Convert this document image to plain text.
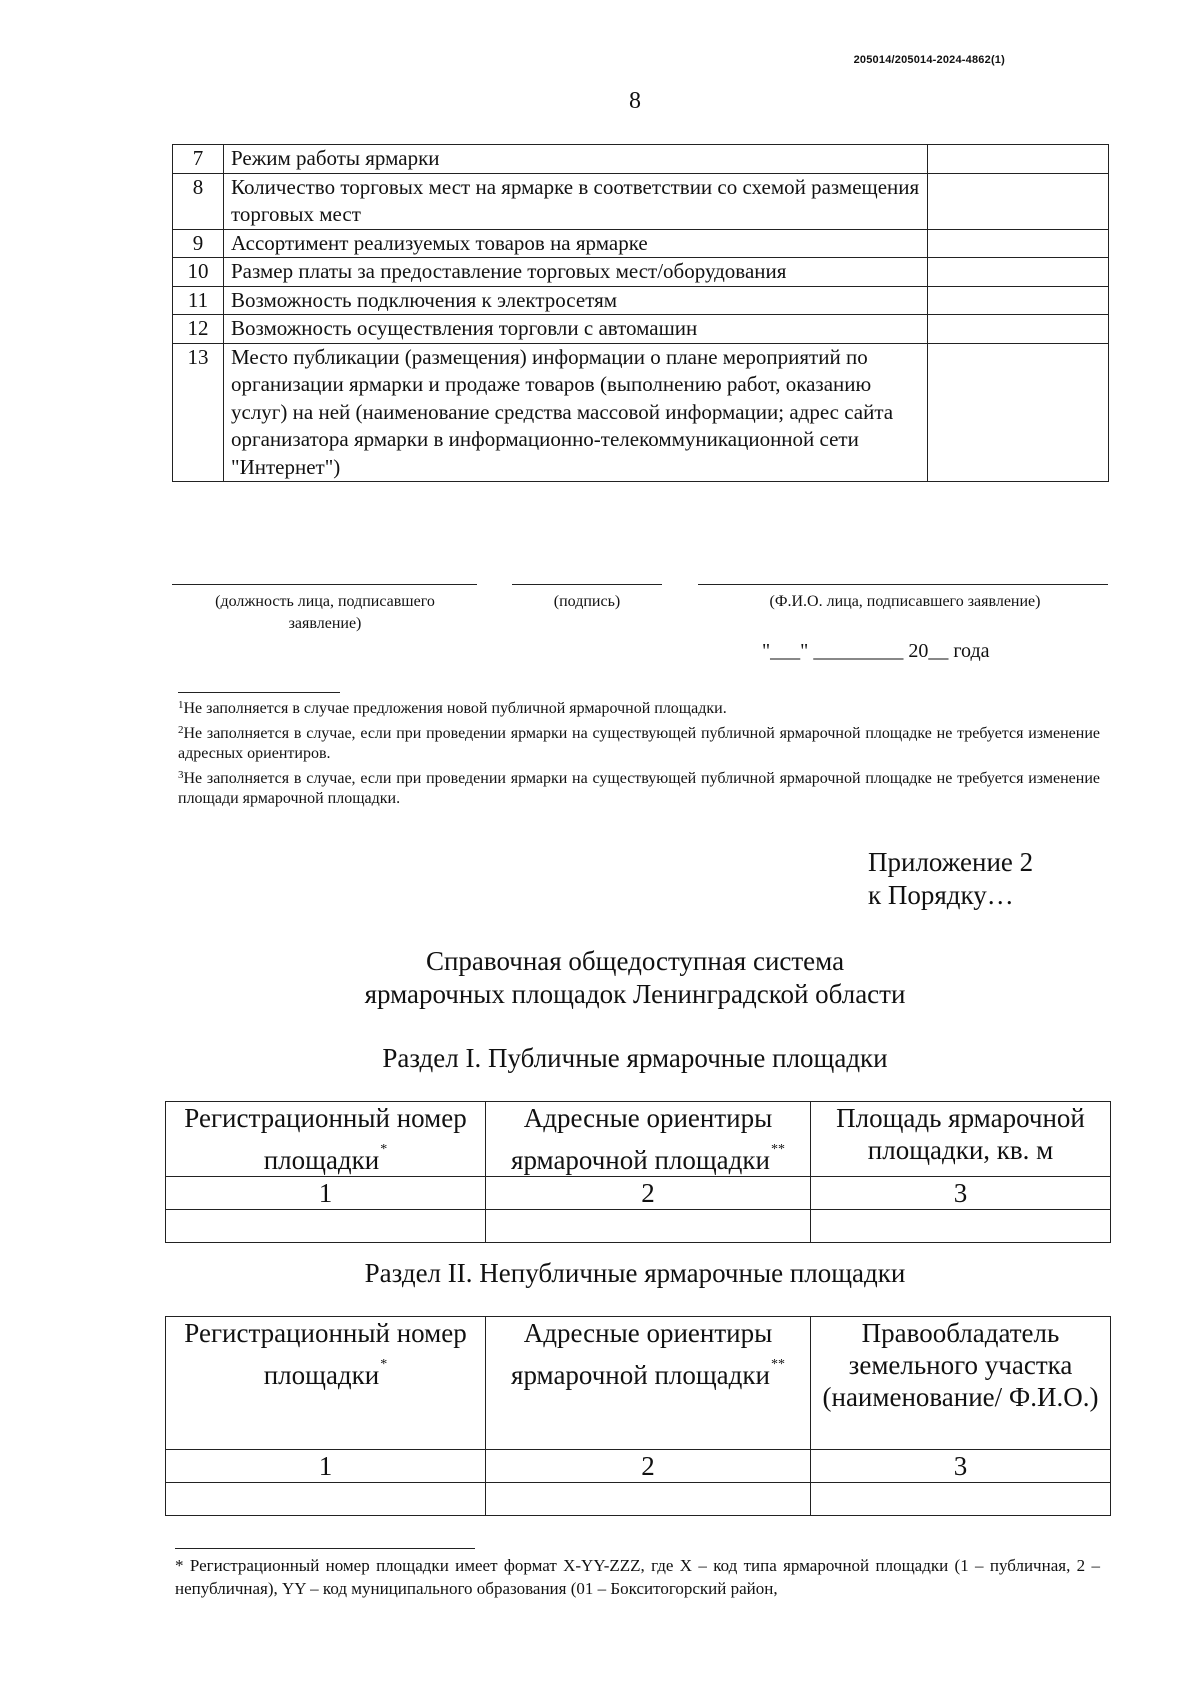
205014/205014-2024-4862(1)
8
7	Режим работы ярмарки	
8	Количество торговых мест на ярмарке в соответствии со схемой размещения торговых мест	
9	Ассортимент реализуемых товаров на ярмарке	
10	Размер платы за предоставление торговых мест/оборудования	
11	Возможность подключения к электросетям	
12	Возможность осуществления торговли с автомашин	
13	Место публикации (размещения) информации о плане мероприятий по организации ярмарки и продаже товаров (выполнению работ, оказанию услуг) на ней (наименование средства массовой информации; адрес сайта организатора ярмарки в информационно-телекоммуникационной сети "Интернет")	
(должность лица, подписавшего заявление)
(подпись)	(Ф.И.О. лица, подписавшего заявление)
"___" _________ 20__ года

$^1$Не заполняется в случае предложения новой публичной ярмарочной площадки.

$^2$Не заполняется в случае, если при проведении ярмарки на существующей публичной ярмарочной площадке не требуется изменение адресных ориентиров.

$^3$Не заполняется в случае, если при проведении ярмарки на существующей публичной ярмарочной площадке не требуется изменение площади ярмарочной площадки.

Приложение 2
к Порядку…
Справочная общедоступная система
ярмарочных площадок Ленинградской области
Раздел I. Публичные ярмарочные площадки
Регистрационный номер площадки*	Адресные ориентиры ярмарочной площадки**	Площадь ярмарочной площадки, кв. м
1	2	3

Раздел II. Непубличные ярмарочные площадки
Регистрационный номер площадки*	Адресные ориентиры ярмарочной площадки**	Правообладатель земельного участка (наименование/ Ф.И.О.)
1	2	3

* Регистрационный номер площадки имеет формат X-YY-ZZZ, где X – код типа ярмарочной площадки (1 – публичная, 2 – непубличная), YY – код муниципального образования (01 – Бокситогорский район,
